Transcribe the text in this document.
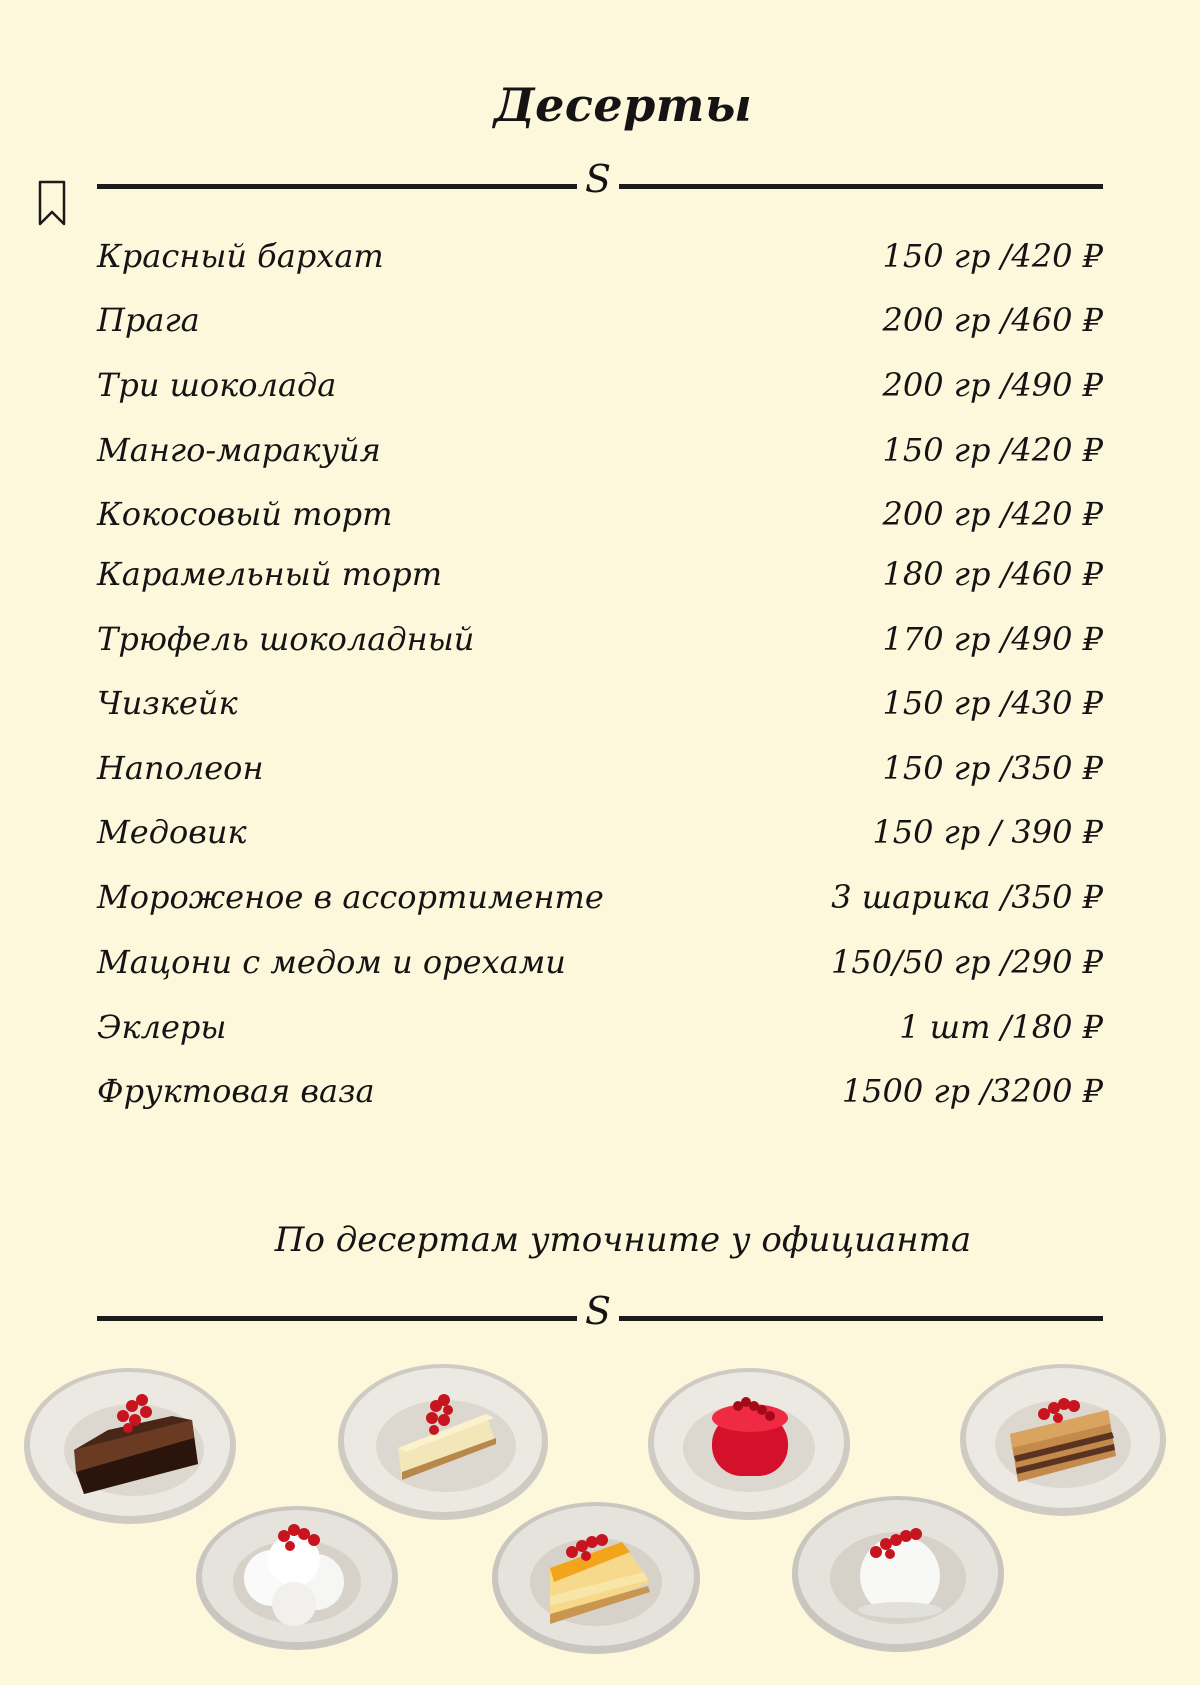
Десерты
S
Красный бархат	150 гр /420 ₽
Прага	200 гр /460 ₽
Три шоколада	200 гр /490 ₽
Манго-маракуйя	150 гр /420 ₽
Кокосовый торт	200 гр /420 ₽
Карамельный торт	180 гр /460 ₽
Трюфель шоколадный	170 гр /490 ₽
Чизкейк	150 гр /430 ₽
Наполеон	150 гр /350 ₽
Медовик	150 гр / 390 ₽
Мороженое в ассортименте	3 шарика /350 ₽
Мацони с медом и орехами	150/50 гр /290 ₽
Эклеры	1 шт /180 ₽
Фруктовая ваза	1500 гр /3200 ₽
По десертам уточните у официанта
S
